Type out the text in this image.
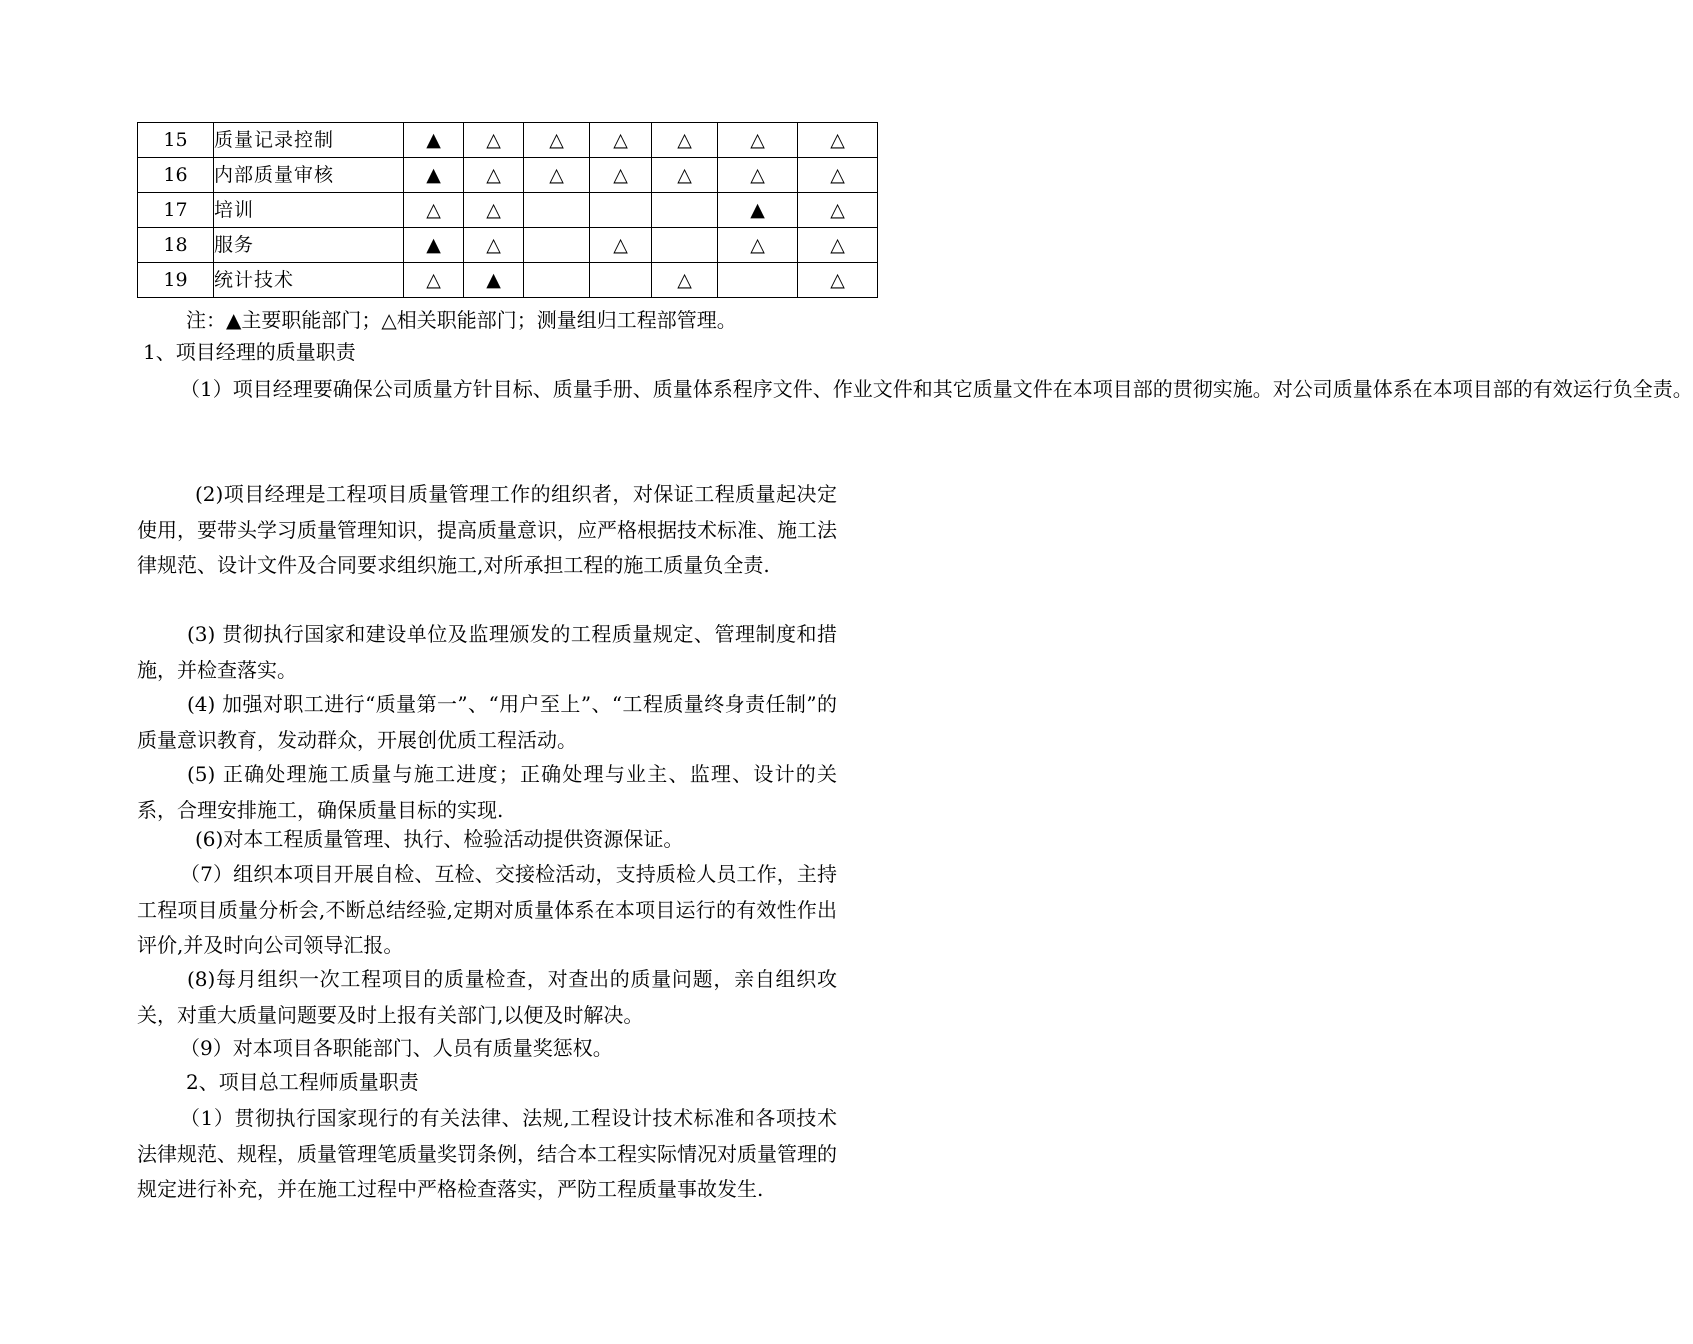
15	质量记录控制	▲	△	△	△	△	△	△
16	内部质量审核	▲	△	△	△	△	△	△
17	培训	△	△				▲	△
18	服务	▲	△		△		△	△
19	统计技术	△	▲			△		△
注：▲主要职能部门；△相关职能部门；测量组归工程部管理。
1、项目经理的质量职责
（1）项目经理要确保公司质量方针目标、质量手册、质量体系程序文件、作业文件和其它质量文件在本项目部的贯彻实施。对公司质量体系在本项目部的有效运行负全责。
(2)项目经理是工程项目质量管理工作的组织者，对保证工程质量起决定使用，要带头学习质量管理知识，提高质量意识，应严格根据技术标准、施工法律规范、设计文件及合同要求组织施工,对所承担工程的施工质量负全责.
(3) 贯彻执行国家和建设单位及监理颁发的工程质量规定、管理制度和措施，并检查落实。
(4) 加强对职工进行“质量第一”、“用户至上”、“工程质量终身责任制”的质量意识教育，发动群众，开展创优质工程活动。
(5) 正确处理施工质量与施工进度；正确处理与业主、监理、设计的关系，合理安排施工，确保质量目标的实现.
(6)对本工程质量管理、执行、检验活动提供资源保证。
（7）组织本项目开展自检、互检、交接检活动，支持质检人员工作，主持工程项目质量分析会,不断总结经验,定期对质量体系在本项目运行的有效性作出评价,并及时向公司领导汇报。
(8)每月组织一次工程项目的质量检查，对查出的质量问题，亲自组织攻关，对重大质量问题要及时上报有关部门,以便及时解决。
（9）对本项目各职能部门、人员有质量奖惩权。
2、项目总工程师质量职责
（1）贯彻执行国家现行的有关法律、法规,工程设计技术标准和各项技术法律规范、规程，质量管理笔质量奖罚条例，结合本工程实际情况对质量管理的规定进行补充，并在施工过程中严格检查落实，严防工程质量事故发生.
